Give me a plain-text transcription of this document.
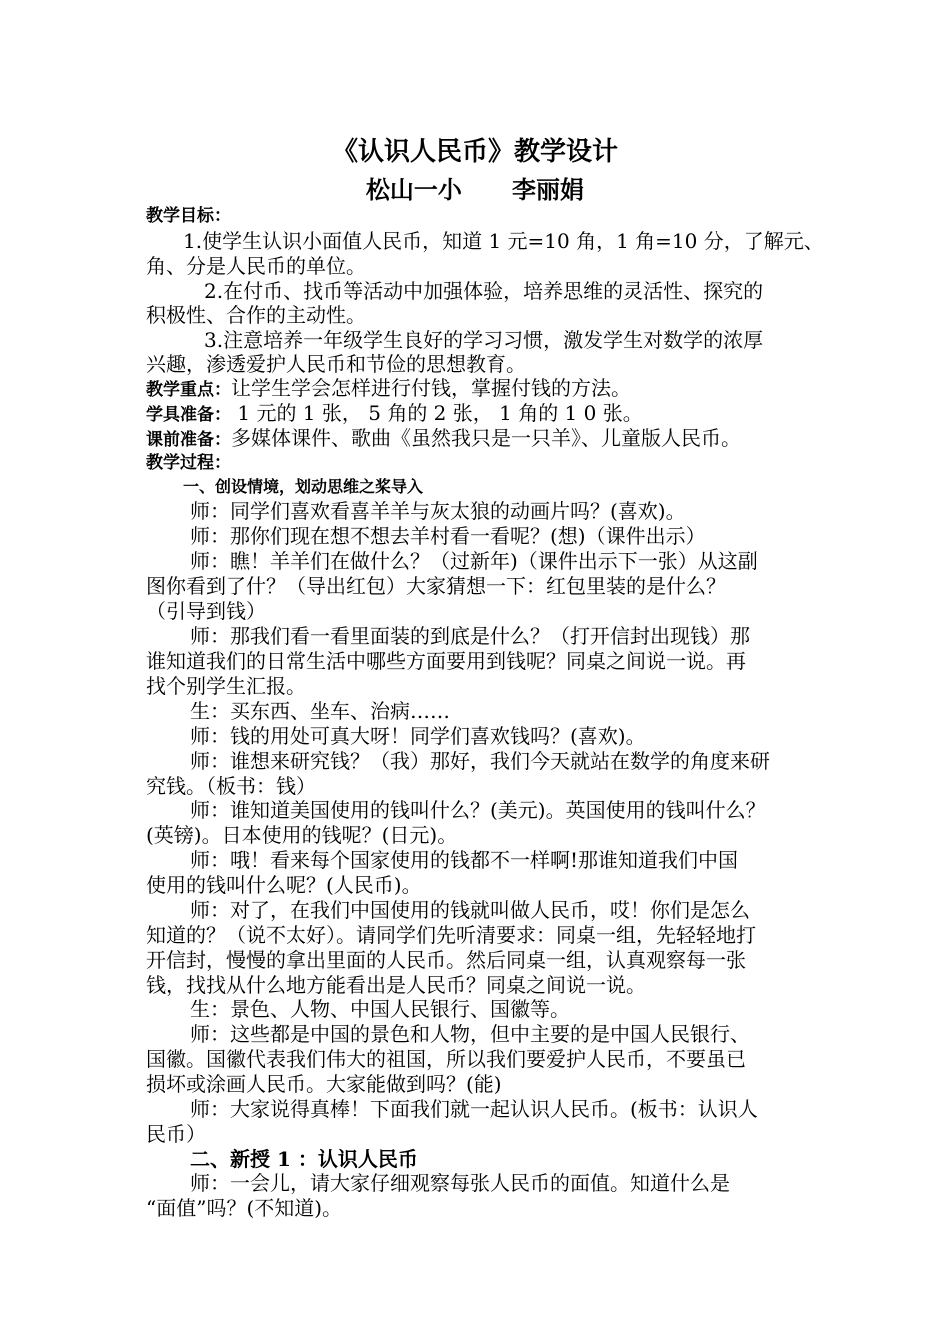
《认识人民币》教学设计
松山一小      李丽娟
教学目标：
1.使学生认识小面值人民币，知道 1 元=10 角，1 角=10 分，了解元、
角、分是人民币的单位。
2.在付币、找币等活动中加强体验，培养思维的灵活性、探究的
积极性、合作的主动性。
3.注意培养一年级学生良好的学习习惯，激发学生对数学的浓厚
兴趣，渗透爱护人民币和节俭的思想教育。
教学重点：让学生学会怎样进行付钱，掌握付钱的方法。
学具准备： 1 元的 1 张， 5 角的 2 张， 1 角的 1 0 张。
课前准备：多媒体课件、歌曲《虽然我只是一只羊》、儿童版人民币。
教学过程：
一、创设情境，划动思维之桨导入
师：同学们喜欢看喜羊羊与灰太狼的动画片吗？(喜欢)。
师：那你们现在想不想去羊村看一看呢？(想)（课件出示）
师：瞧！羊羊们在做什么？（过新年)（课件出示下一张）从这副
图你看到了什？（导出红包）大家猜想一下：红包里装的是什么？
（引导到钱）
师：那我们看一看里面装的到底是什么？（打开信封出现钱）那
谁知道我们的日常生活中哪些方面要用到钱呢？同桌之间说一说。再
找个别学生汇报。
生：买东西、坐车、治病……
师：钱的用处可真大呀！同学们喜欢钱吗？(喜欢)。
师：谁想来研究钱？（我）那好，我们今天就站在数学的角度来研
究钱。（板书：钱）
师：谁知道美国使用的钱叫什么？(美元)。英国使用的钱叫什么？
(英镑)。日本使用的钱呢？(日元)。
师：哦！看来每个国家使用的钱都不一样啊!那谁知道我们中国
使用的钱叫什么呢？(人民币)。
师：对了，在我们中国使用的钱就叫做人民币，哎！你们是怎么
知道的？（说不太好）。请同学们先听清要求：同桌一组，先轻轻地打
开信封，慢慢的拿出里面的人民币。然后同桌一组，认真观察每一张
钱，找找从什么地方能看出是人民币？同桌之间说一说。
生：景色、人物、中国人民银行、国徽等。
师：这些都是中国的景色和人物，但中主要的是中国人民银行、
国徽。国徽代表我们伟大的祖国，所以我们要爱护人民币，不要虽已
损坏或涂画人民币。大家能做到吗？(能)
师：大家说得真棒！下面我们就一起认识人民币。(板书：认识人
民币）
二、新授 1 ：认识人民币
师：一会儿，请大家仔细观察每张人民币的面值。知道什么是
“面值”吗？(不知道)。
